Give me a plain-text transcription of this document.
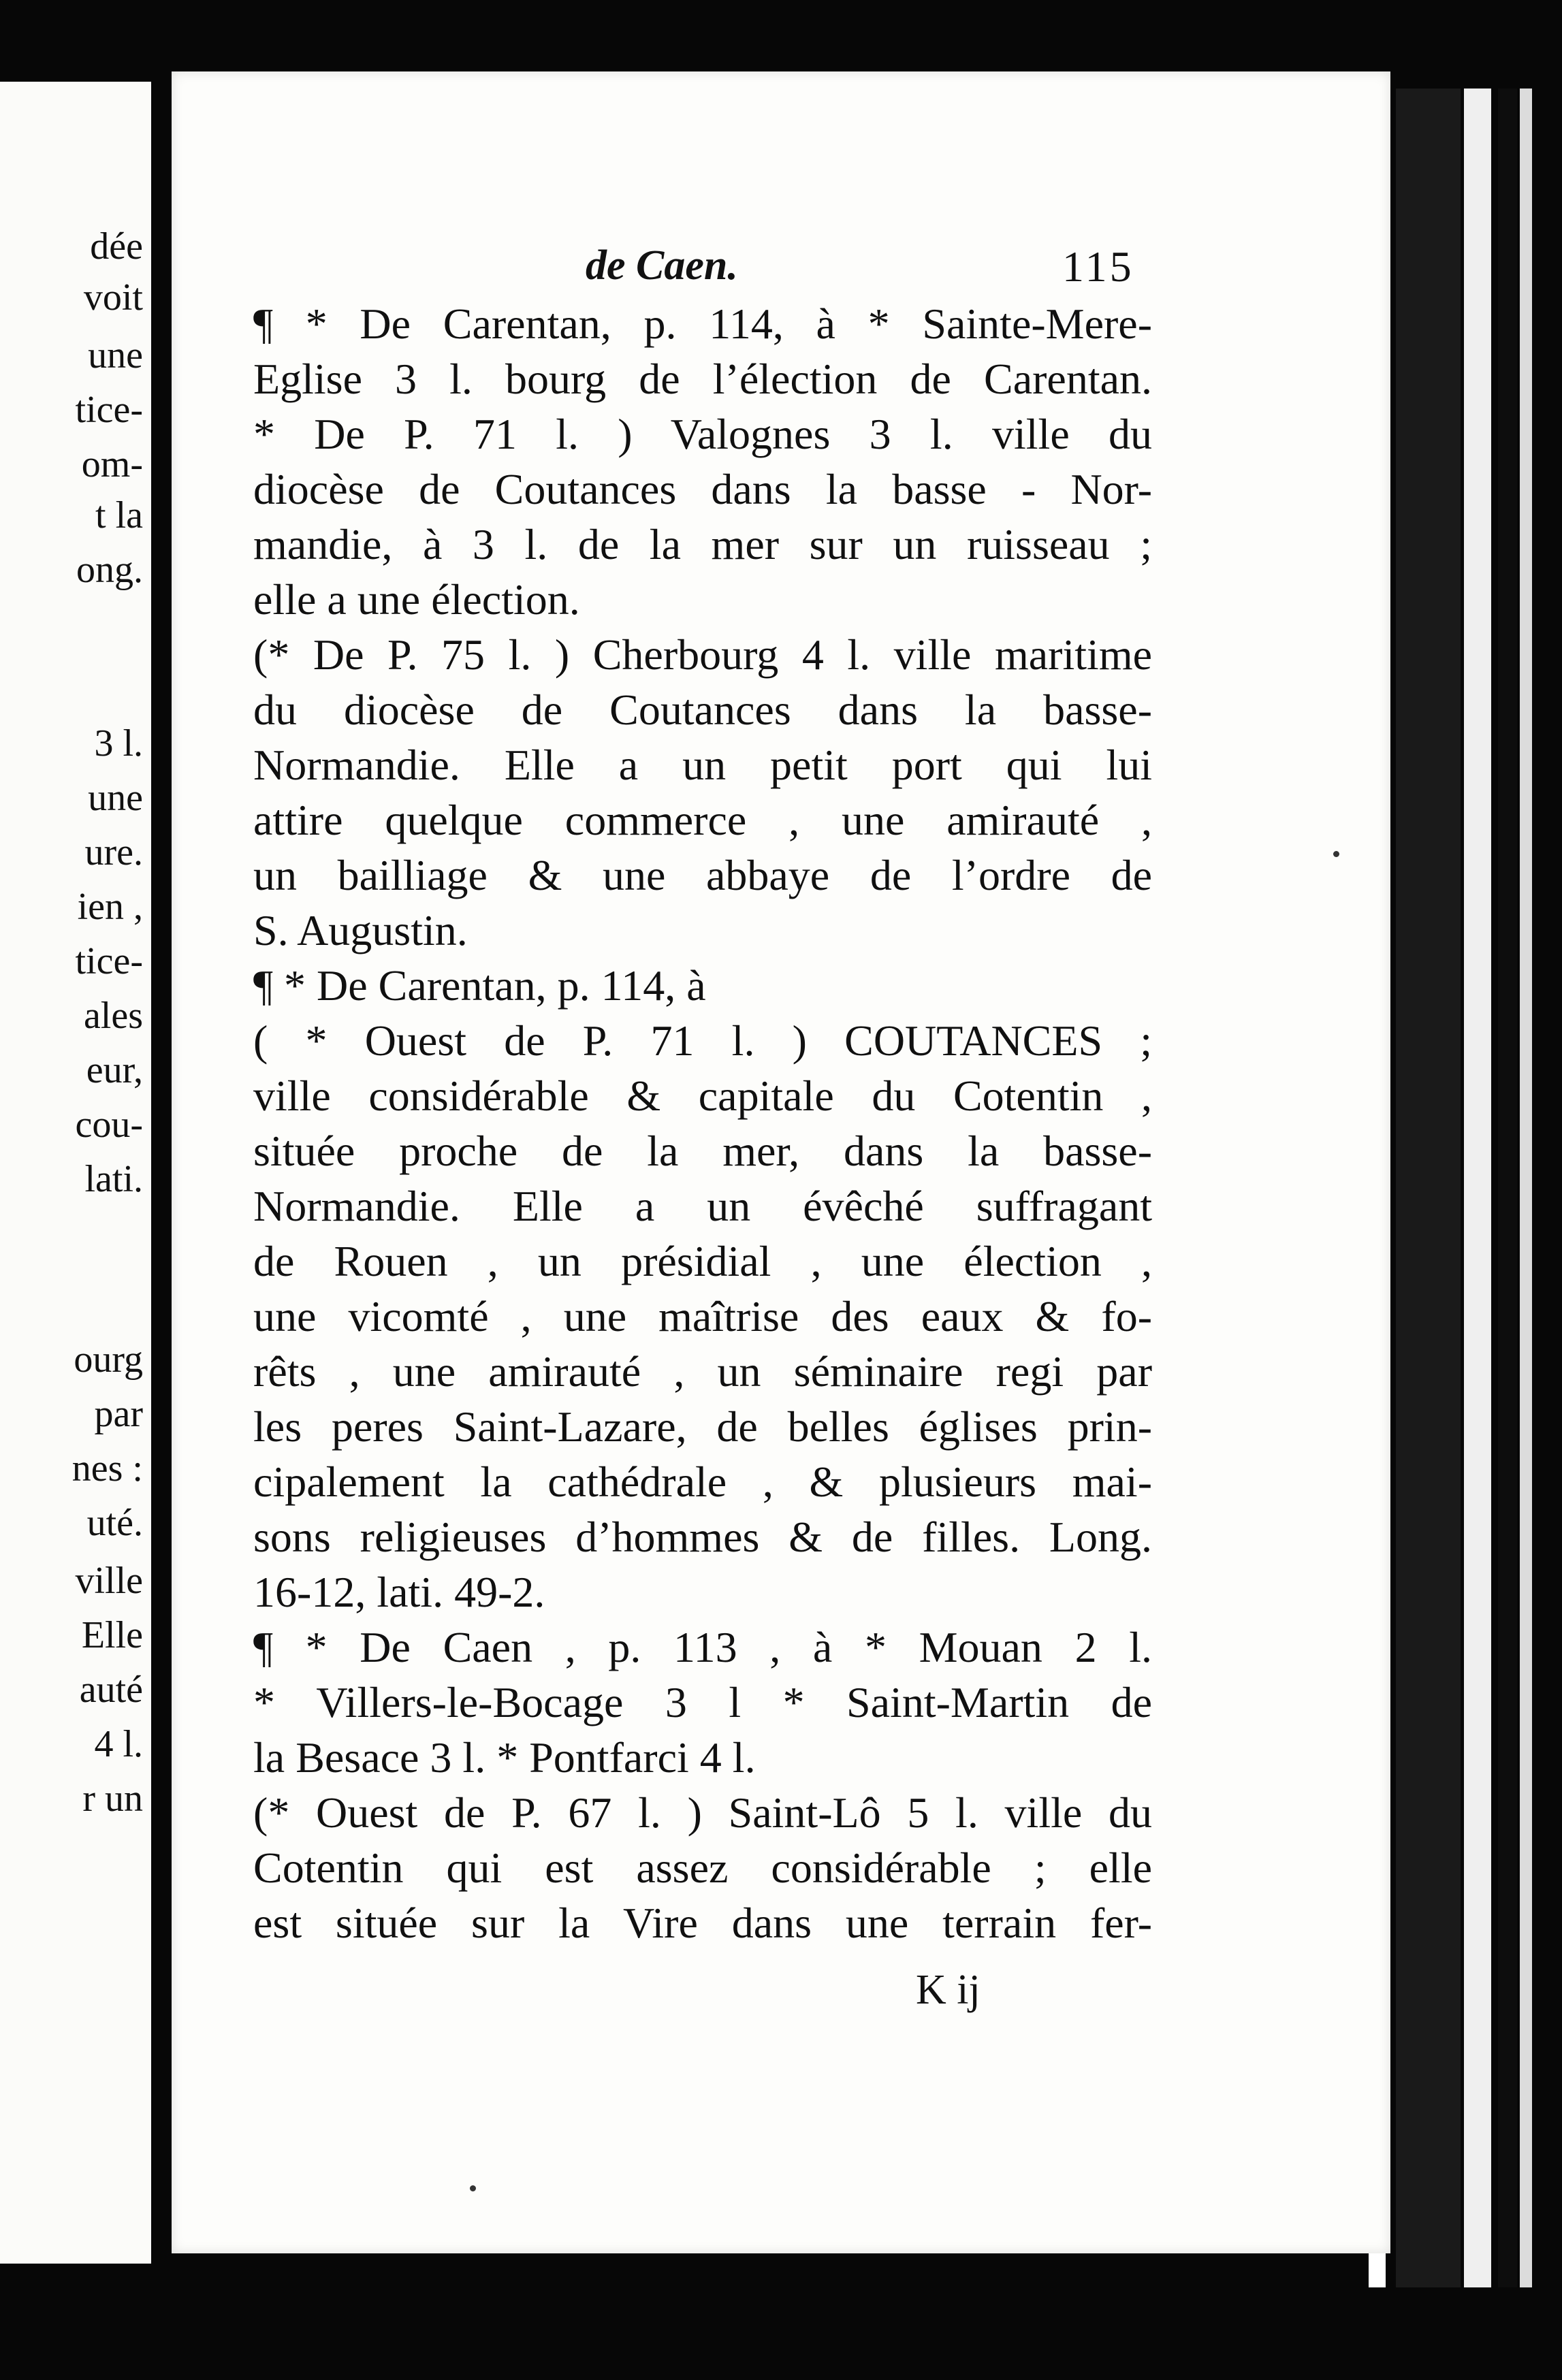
dée
voit
une
tice-
om-
t la
ong.
3 l.
une
ure.
ien ,
tice-
ales
eur,
cou-
lati.
ourg
par
nes :
uté.
ville
Elle
auté
4 l.
r un
de Caen.	115
¶ * De Carentan, p. 114, à * Sainte-Mere-
Eglise 3 l. bourg de l’élection de Carentan.
* De P. 71 l. ) Valognes 3 l. ville du
diocèse de Coutances dans la basse - Nor-
mandie, à 3 l. de la mer sur un ruisseau ;
elle a une élection.
(* De P. 75 l. ) Cherbourg 4 l. ville maritime
du diocèse de Coutances dans la basse-
Normandie. Elle a un petit port qui lui
attire quelque commerce , une amirauté ,
un bailliage & une abbaye de l’ordre de
S. Augustin.
¶ * De Carentan, p. 114, à
( * Ouest de P. 71 l. ) COUTANCES ;
ville considérable & capitale du Cotentin ,
située proche de la mer, dans la basse-
Normandie. Elle a un évêché suffragant
de Rouen , un présidial , une élection ,
une vicomté , une maîtrise des eaux & fo-
rêts , une amirauté , un séminaire regi par
les peres Saint-Lazare, de belles églises prin-
cipalement la cathédrale , & plusieurs mai-
sons religieuses d’hommes & de filles. Long.
16-12, lati. 49-2.
¶ * De Caen , p. 113 , à * Mouan 2 l.
* Villers-le-Bocage 3 l * Saint-Martin de
la Besace 3 l. * Pontfarci 4 l.
(* Ouest de P. 67 l. ) Saint-Lô 5 l. ville du
Cotentin qui est assez considérable ; elle
est située sur la Vire dans une terrain fer-
K ij
